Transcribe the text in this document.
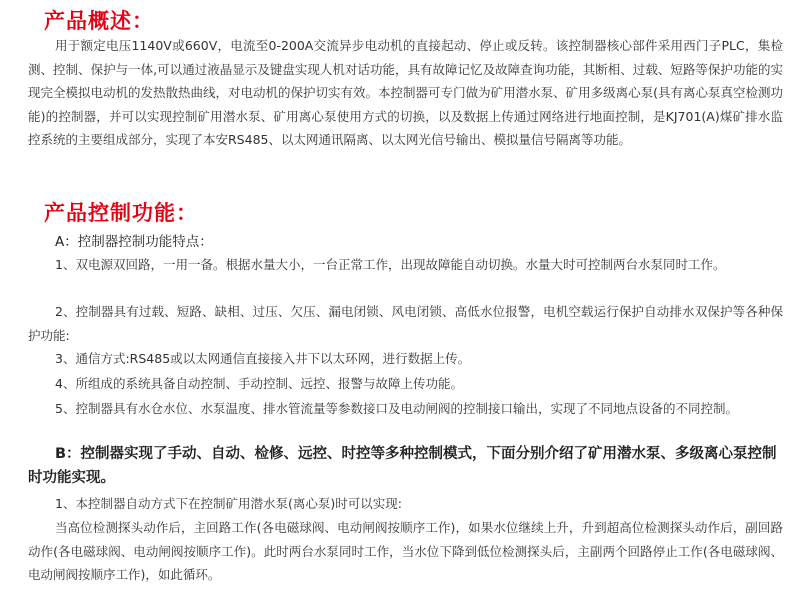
产品概述：

用于额定电压1140V或660V，电流至0-200A交流异步电动机的直接起动、停止或反转。该控制器核心部件采用西门子PLC，集检测、控制、保护与一体,可以通过液晶显示及键盘实现人机对话功能，具有故障记忆及故障查询功能，其断相、过载、短路等保护功能的实现完全模拟电动机的发热散热曲线，对电动机的保护切实有效。本控制器可专门做为矿用潜水泵、矿用多级离心泵(具有离心泵真空检测功能)的控制器，并可以实现控制矿用潜水泵、矿用离心泵使用方式的切换，以及数据上传通过网络进行地面控制，是KJ701(A)煤矿排水监控系统的主要组成部分，实现了本安RS485、以太网通讯隔离、以太网光信号输出、模拟量信号隔离等功能。

产品控制功能：

A：控制器控制功能特点：

1、双电源双回路，一用一备。根据水量大小，一台正常工作，出现故障能自动切换。水量大时可控制两台水泵同时工作。

2、控制器具有过载、短路、缺相、过压、欠压、漏电闭锁、风电闭锁、高低水位报警，电机空载运行保护自动排水双保护等各种保护功能:

3、通信方式:RS485或以太网通信直接接入井下以太环网，进行数据上传。

4、所组成的系统具备自动控制、手动控制、远控、报警与故障上传功能。

5、控制器具有水仓水位、水泵温度、排水管流量等参数接口及电动闸阀的控制接口输出，实现了不同地点设备的不同控制。

B：控制器实现了手动、自动、检修、远控、时控等多种控制模式，下面分别介绍了矿用潜水泵、多级离心泵控制时功能实现。

1、本控制器自动方式下在控制矿用潜水泵(离心泵)时可以实现:

当高位检测探头动作后，主回路工作(各电磁球阀、电动闸阀按顺序工作)，如果水位继续上升，升到超高位检测探头动作后，副回路动作(各电磁球阀、电动闸阀按顺序工作)。此时两台水泵同时工作，当水位下降到低位检测探头后，主副两个回路停止工作(各电磁球阀、电动闸阀按顺序工作)，如此循环。
